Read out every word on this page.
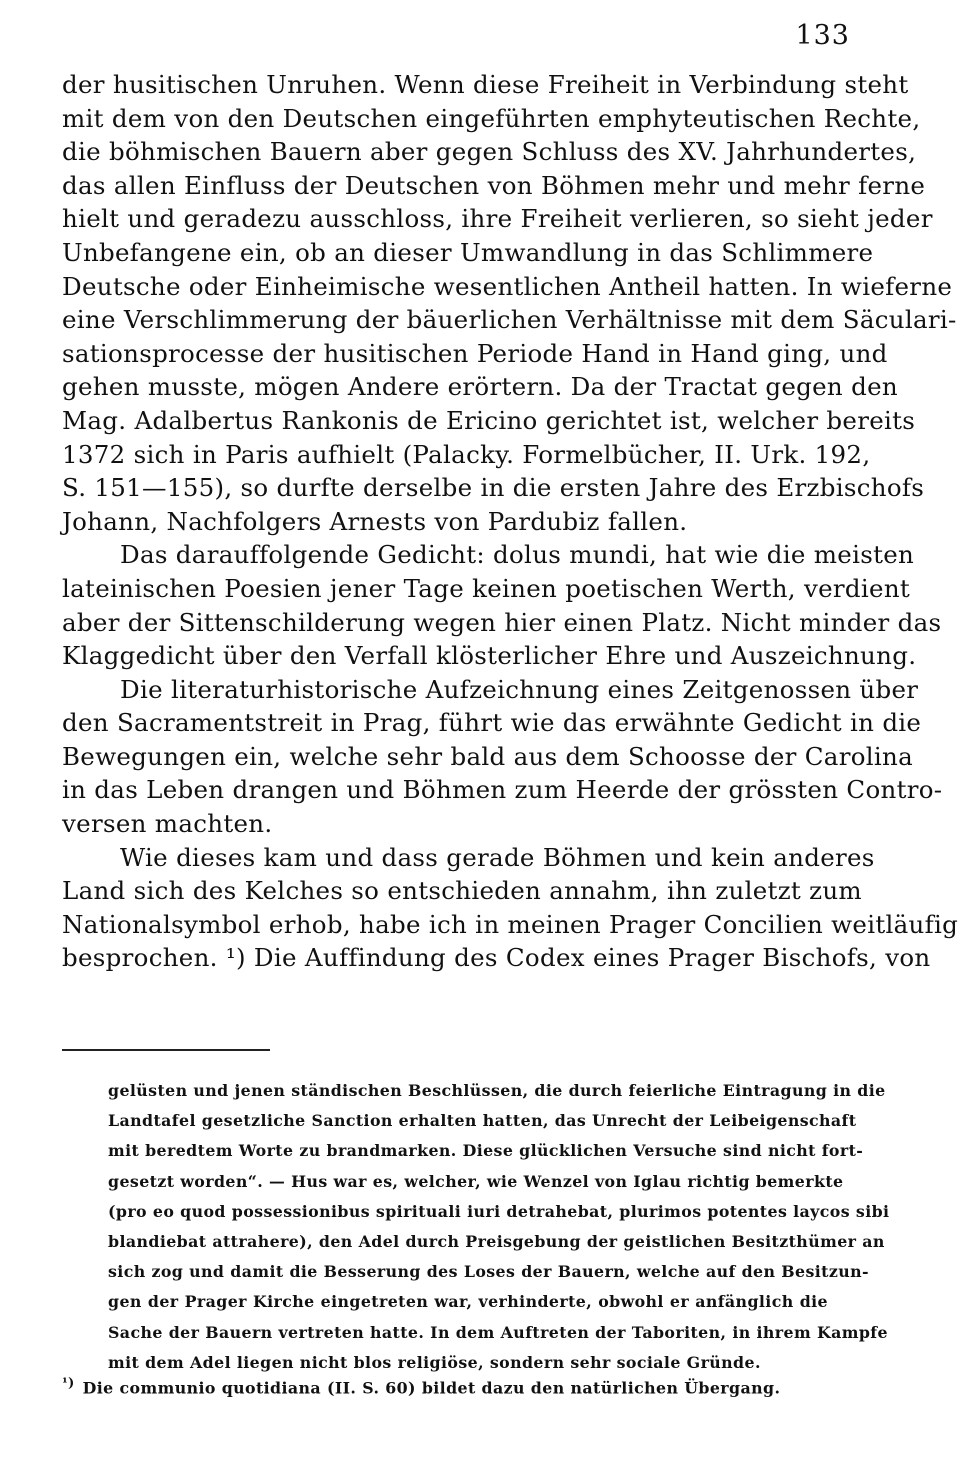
133
der husitischen Unruhen. Wenn diese Freiheit in Verbindung steht
mit dem von den Deutschen eingeführten emphyteutischen Rechte,
die böhmischen Bauern aber gegen Schluss des XV. Jahrhundertes,
das allen Einfluss der Deutschen von Böhmen mehr und mehr ferne
hielt und geradezu ausschloss, ihre Freiheit verlieren, so sieht jeder
Unbefangene ein, ob an dieser Umwandlung in das Schlimmere
Deutsche oder Einheimische wesentlichen Antheil hatten. In wieferne
eine Verschlimmerung der bäuerlichen Verhältnisse mit dem Säculari-
sationsprocesse der husitischen Periode Hand in Hand ging, und
gehen musste, mögen Andere erörtern. Da der Tractat gegen den
Mag. Adalbertus Rankonis de Ericino gerichtet ist, welcher bereits
1372 sich in Paris aufhielt (Palacky. Formelbücher, II. Urk. 192,
S. 151—155), so durfte derselbe in die ersten Jahre des Erzbischofs
Johann, Nachfolgers Arnests von Pardubiz fallen.
Das darauffolgende Gedicht: dolus mundi, hat wie die meisten
lateinischen Poesien jener Tage keinen poetischen Werth, verdient
aber der Sittenschilderung wegen hier einen Platz. Nicht minder das
Klaggedicht über den Verfall klösterlicher Ehre und Auszeichnung.
Die literaturhistorische Aufzeichnung eines Zeitgenossen über
den Sacramentstreit in Prag, führt wie das erwähnte Gedicht in die
Bewegungen ein, welche sehr bald aus dem Schoosse der Carolina
in das Leben drangen und Böhmen zum Heerde der grössten Contro-
versen machten.
Wie dieses kam und dass gerade Böhmen und kein anderes
Land sich des Kelches so entschieden annahm, ihn zuletzt zum
Nationalsymbol erhob, habe ich in meinen Prager Concilien weitläufig
besprochen. ¹) Die Auffindung des Codex eines Prager Bischofs, von
gelüsten und jenen ständischen Beschlüssen, die durch feierliche Eintragung in die
Landtafel gesetzliche Sanction erhalten hatten, das Unrecht der Leibeigenschaft
mit beredtem Worte zu brandmarken. Diese glücklichen Versuche sind nicht fort-
gesetzt worden“. — Hus war es, welcher, wie Wenzel von Iglau richtig bemerkte
(pro eo quod possessionibus spirituali iuri detrahebat, plurimos potentes laycos sibi
blandiebat attrahere), den Adel durch Preisgebung der geistlichen Besitzthümer an
sich zog und damit die Besserung des Loses der Bauern, welche auf den Besitzun-
gen der Prager Kirche eingetreten war, verhinderte, obwohl er anfänglich die
Sache der Bauern vertreten hatte. In dem Auftreten der Taboriten, in ihrem Kampfe
mit dem Adel liegen nicht blos religiöse, sondern sehr sociale Gründe.
$^{^1)}$ Die communio quotidiana (II. S. 60) bildet dazu den natürlichen Übergang.
